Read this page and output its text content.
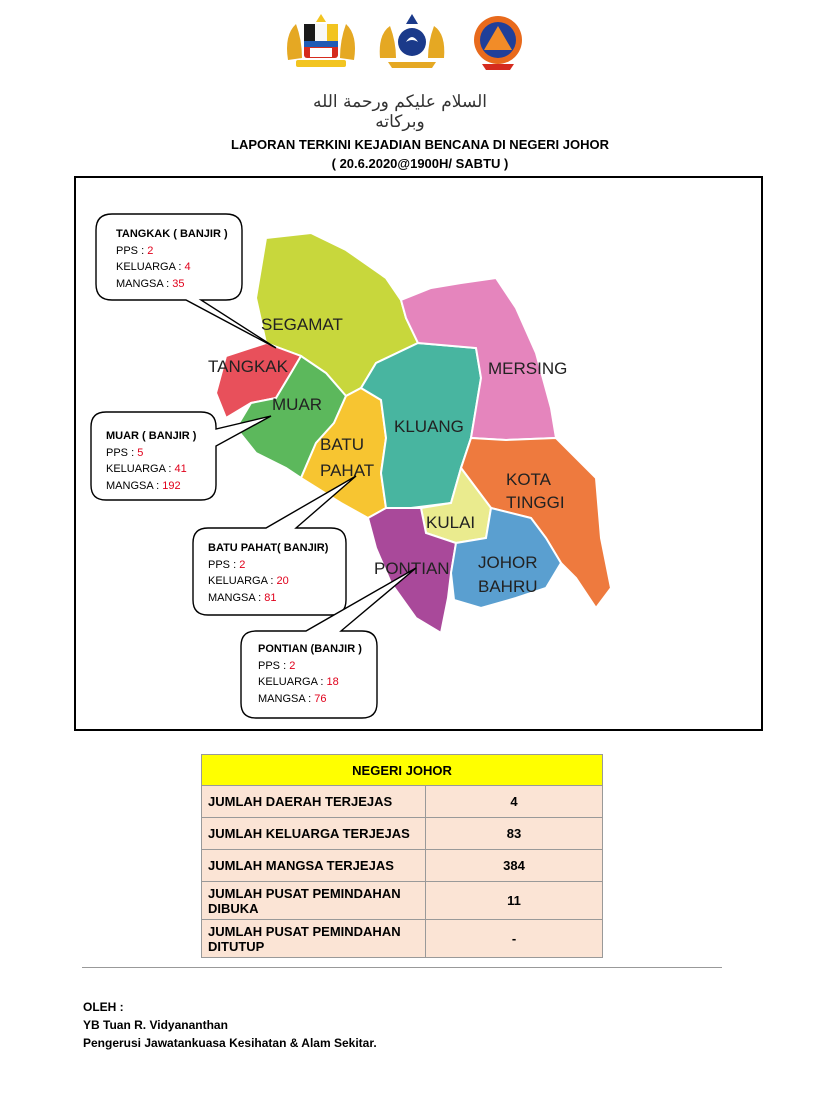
السلام عليكم ورحمة الله وبركاته
LAPORAN TERKINI KEJADIAN BENCANA DI NEGERI JOHOR
( 20.6.2020@1900H/ SABTU )
SEGAMAT
TANGKAK
MUAR
BATU
PAHAT
KLUANG
MERSING
KOTA
TINGGI
KULAI
PONTIAN JOHOR
BAHRU
TANGKAK ( BANJIR )
PPS : 2
KELUARGA : 4
MANGSA : 35
MUAR ( BANJIR )
PPS : 5
KELUARGA : 41
MANGSA : 192
BATU PAHAT( BANJIR)
PPS : 2
KELUARGA : 20
MANGSA : 81
PONTIAN (BANJIR )
PPS : 2
KELUARGA : 18
MANGSA : 76
NEGERI JOHOR	
JUMLAH DAERAH TERJEJAS	4
JUMLAH KELUARGA TERJEJAS	83
JUMLAH MANGSA TERJEJAS	384
JUMLAH PUSAT PEMINDAHAN DIBUKA	11
JUMLAH PUSAT PEMINDAHAN DITUTUP	-
OLEH :
YB Tuan R. Vidyananthan
Pengerusi Jawatankuasa Kesihatan & Alam Sekitar.
